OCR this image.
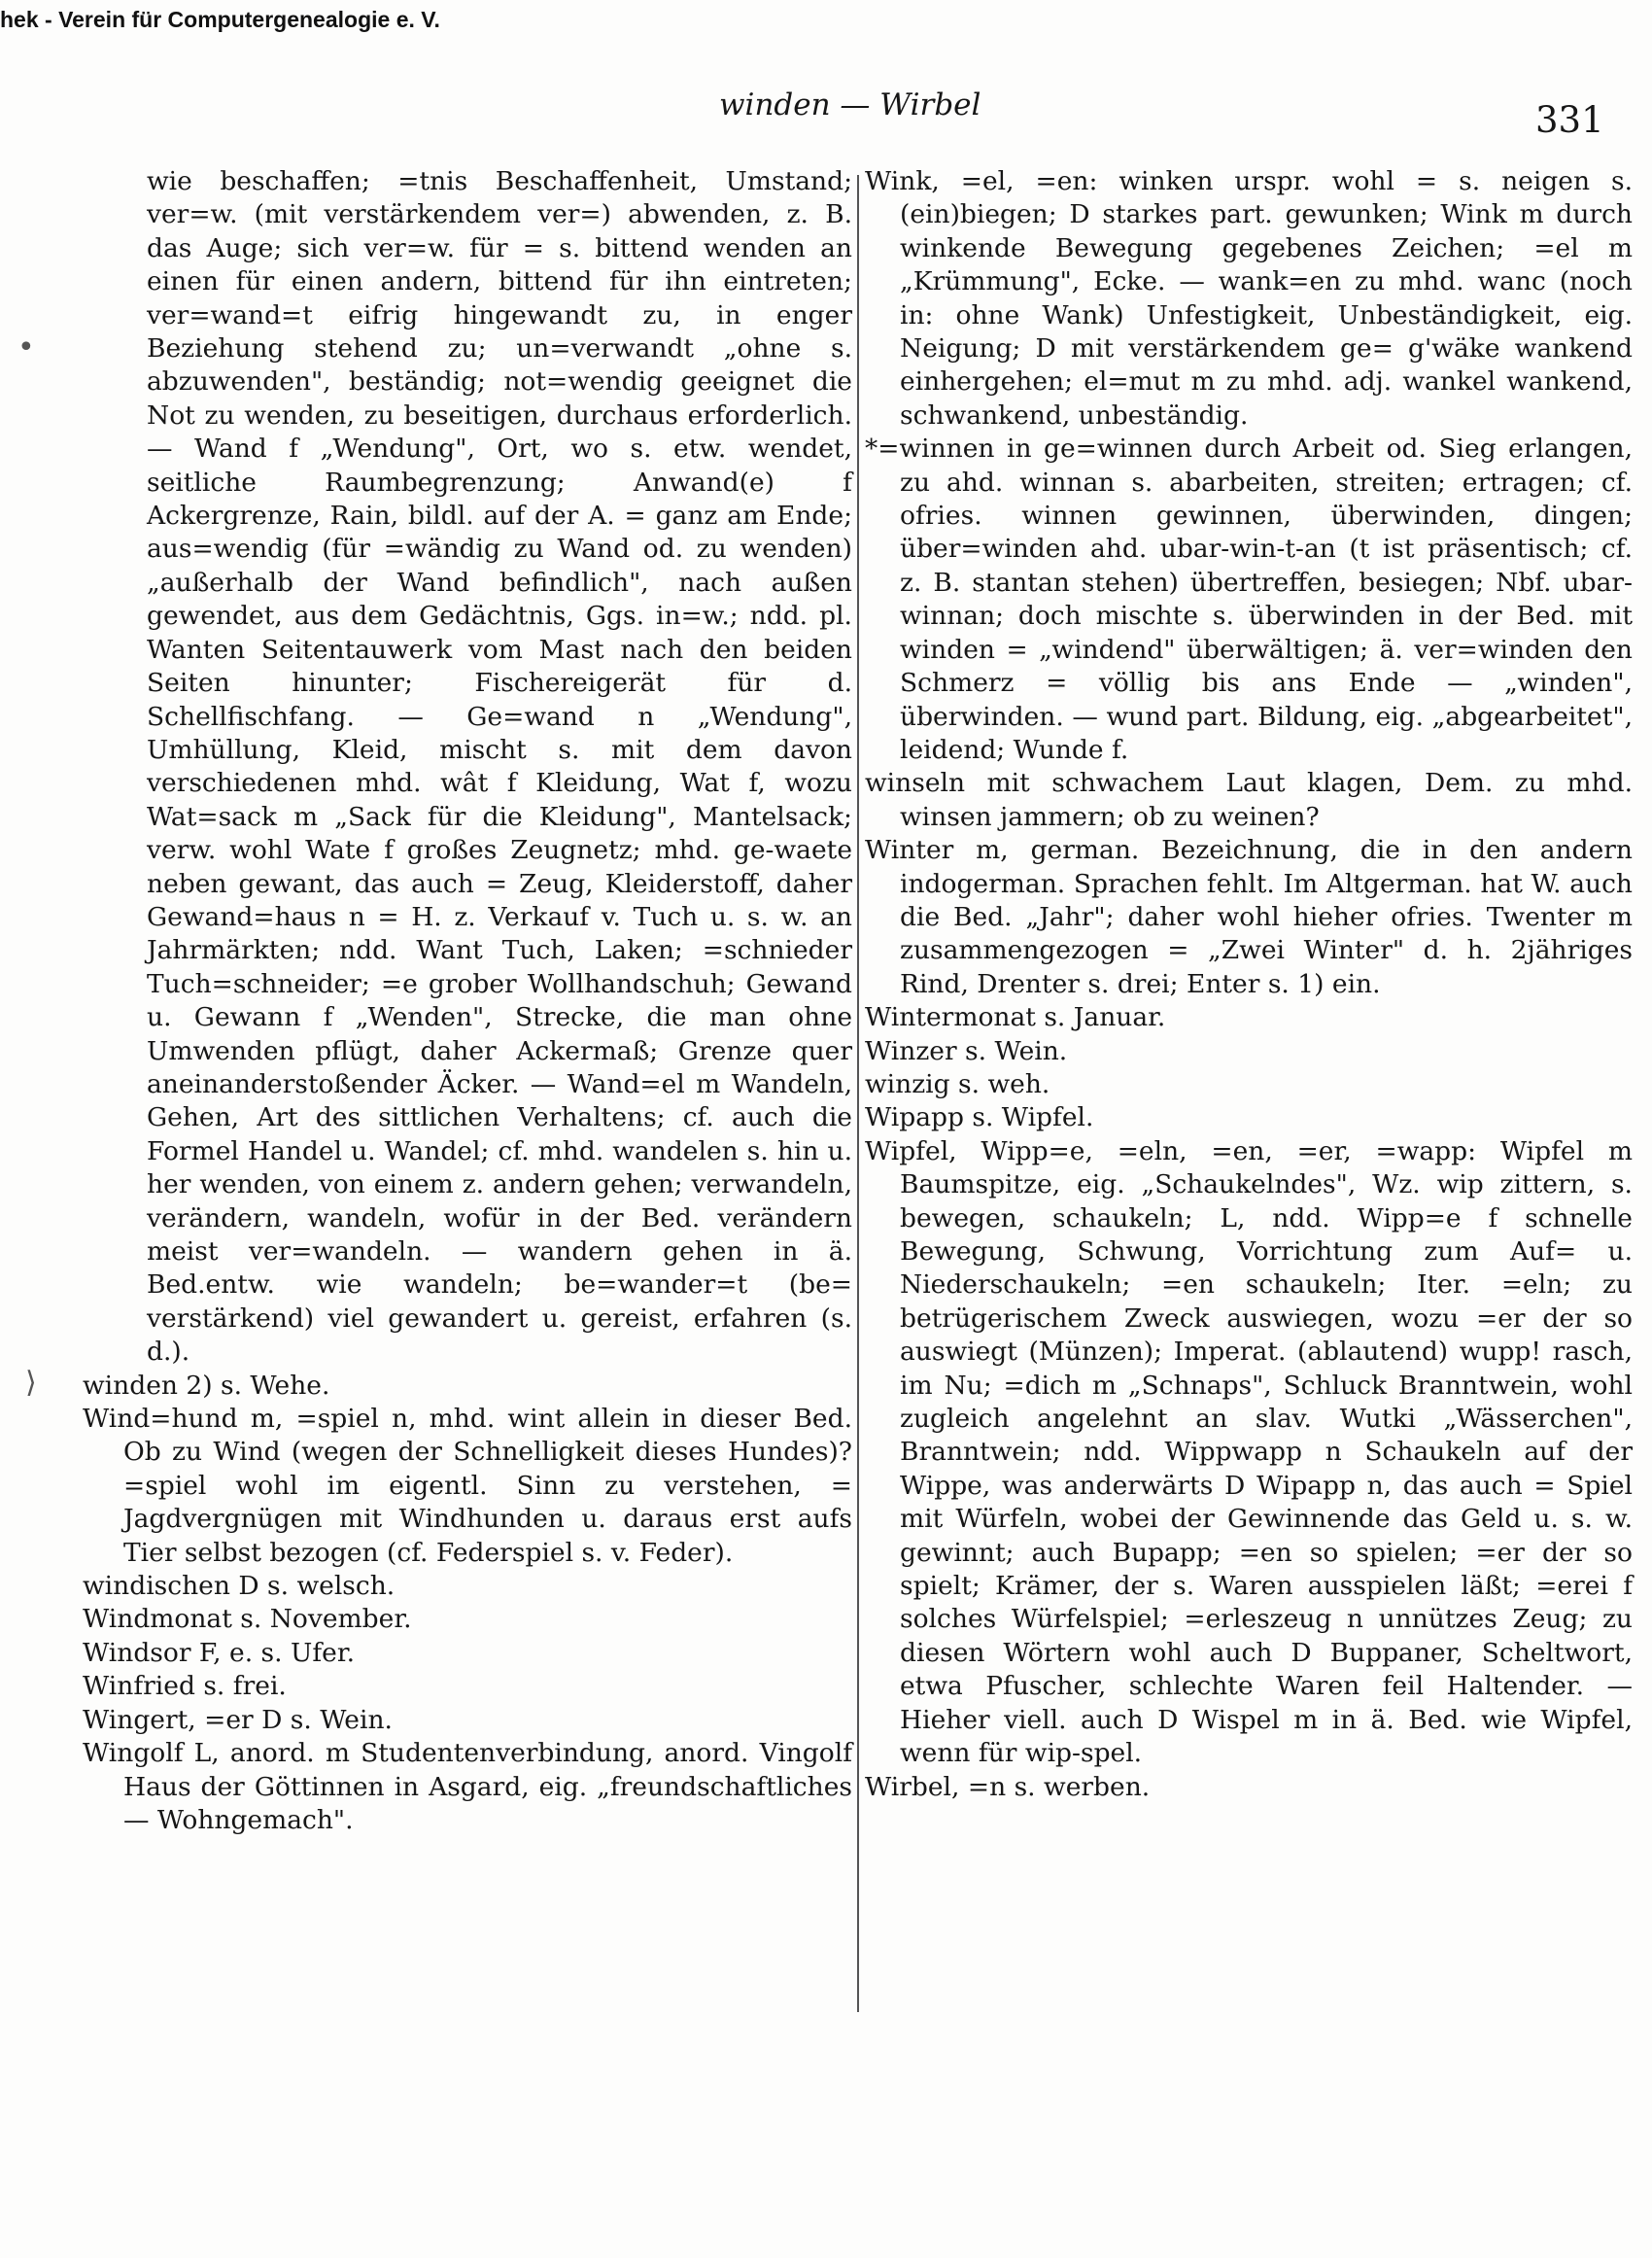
hek - Verein für Computergenealogie e. V.
winden — Wirbel	331
•
⟩

wie beschaffen; =tnis Beschaffenheit, Umstand; ver=w. (mit verstärkendem ver=) abwenden, z. B. das Auge; sich ver=w. für = s. bittend wenden an einen für einen andern, bittend für ihn eintreten; ver=wand=t eifrig hingewandt zu, in enger Beziehung stehend zu; un=verwandt „ohne s. abzuwenden", beständig; not=wendig geeignet die Not zu wenden, zu beseitigen, durchaus erforderlich. — Wand f „Wendung", Ort, wo s. etw. wendet, seitliche Raumbegrenzung; Anwand(e) f Ackergrenze, Rain, bildl. auf der A. = ganz am Ende; aus=wendig (für =wändig zu Wand od. zu wenden) „außerhalb der Wand befindlich", nach außen gewendet, aus dem Gedächtnis, Ggs. in=w.; ndd. pl. Wanten Seitentauwerk vom Mast nach den beiden Seiten hinunter; Fischereigerät für d. Schellfischfang. — Ge=wand n „Wendung", Umhüllung, Kleid, mischt s. mit dem davon verschiedenen mhd. wât f Kleidung, Wat f, wozu Wat=sack m „Sack für die Kleidung", Mantelsack; verw. wohl Wate f großes Zeugnetz; mhd. ge-waete neben gewant, das auch = Zeug, Kleiderstoff, daher Gewand=haus n = H. z. Verkauf v. Tuch u. s. w. an Jahrmärkten; ndd. Want Tuch, Laken; =schnieder Tuch=schneider; =e grober Wollhandschuh; Gewand u. Gewann f „Wenden", Strecke, die man ohne Umwenden pflügt, daher Ackermaß; Grenze quer aneinanderstoßender Äcker. — Wand=el m Wandeln, Gehen, Art des sittlichen Verhaltens; cf. auch die Formel Handel u. Wandel; cf. mhd. wandelen s. hin u. her wenden, von einem z. andern gehen; verwandeln, verändern, wandeln, wofür in der Bed. verändern meist ver=wandeln. — wandern gehen in ä. Bed.entw. wie wandeln; be=wander=t (be= verstärkend) viel gewandert u. gereist, erfahren (s. d.).

winden 2) s. Wehe.

Wind=hund m, =spiel n, mhd. wint allein in dieser Bed. Ob zu Wind (wegen der Schnelligkeit dieses Hundes)? =spiel wohl im eigentl. Sinn zu verstehen, = Jagdvergnügen mit Windhunden u. daraus erst aufs Tier selbst bezogen (cf. Federspiel s. v. Feder).

windischen D s. welsch.

Windmonat s. November.

Windsor F, e. s. Ufer.

Winfried s. frei.

Wingert, =er D s. Wein.

Wingolf L, anord. m Studentenverbindung, anord. Vingolf Haus der Göttinnen in Asgard, eig. „freundschaftliches — Wohngemach".

Wink, =el, =en: winken urspr. wohl = s. neigen s. (ein)biegen; D starkes part. gewunken; Wink m durch winkende Bewegung gegebenes Zeichen; =el m „Krümmung", Ecke. — wank=en zu mhd. wanc (noch in: ohne Wank) Unfestigkeit, Unbeständigkeit, eig. Neigung; D mit verstärkendem ge= g'wäke wankend einhergehen; el=mut m zu mhd. adj. wankel wankend, schwankend, unbeständig.

*=winnen in ge=winnen durch Arbeit od. Sieg erlangen, zu ahd. winnan s. abarbeiten, streiten; ertragen; cf. ofries. winnen gewinnen, überwinden, dingen; über=winden ahd. ubar-win-t-an (t ist präsentisch; cf. z. B. stantan stehen) übertreffen, besiegen; Nbf. ubar-winnan; doch mischte s. überwinden in der Bed. mit winden = „windend" überwältigen; ä. ver=winden den Schmerz = völlig bis ans Ende — „winden", überwinden. — wund part. Bildung, eig. „abgearbeitet", leidend; Wunde f.

winseln mit schwachem Laut klagen, Dem. zu mhd. winsen jammern; ob zu weinen?

Winter m, german. Bezeichnung, die in den andern indogerman. Sprachen fehlt. Im Altgerman. hat W. auch die Bed. „Jahr"; daher wohl hieher ofries. Twenter m zusammengezogen = „Zwei Winter" d. h. 2jähriges Rind, Drenter s. drei; Enter s. 1) ein.

Wintermonat s. Januar.

Winzer s. Wein.

winzig s. weh.

Wipapp s. Wipfel.

Wipfel, Wipp=e, =eln, =en, =er, =wapp: Wipfel m Baumspitze, eig. „Schaukelndes", Wz. wip zittern, s. bewegen, schaukeln; L, ndd. Wipp=e f schnelle Bewegung, Schwung, Vorrichtung zum Auf= u. Niederschaukeln; =en schaukeln; Iter. =eln; zu betrügerischem Zweck auswiegen, wozu =er der so auswiegt (Münzen); Imperat. (ablautend) wupp! rasch, im Nu; =dich m „Schnaps", Schluck Branntwein, wohl zugleich angelehnt an slav. Wutki „Wässerchen", Branntwein; ndd. Wippwapp n Schaukeln auf der Wippe, was anderwärts D Wipapp n, das auch = Spiel mit Würfeln, wobei der Gewinnende das Geld u. s. w. gewinnt; auch Bupapp; =en so spielen; =er der so spielt; Krämer, der s. Waren ausspielen läßt; =erei f solches Würfelspiel; =erleszeug n unnützes Zeug; zu diesen Wörtern wohl auch D Buppaner, Scheltwort, etwa Pfuscher, schlechte Waren feil Haltender. — Hieher viell. auch D Wispel m in ä. Bed. wie Wipfel, wenn für wip-spel.

Wirbel, =n s. werben.
